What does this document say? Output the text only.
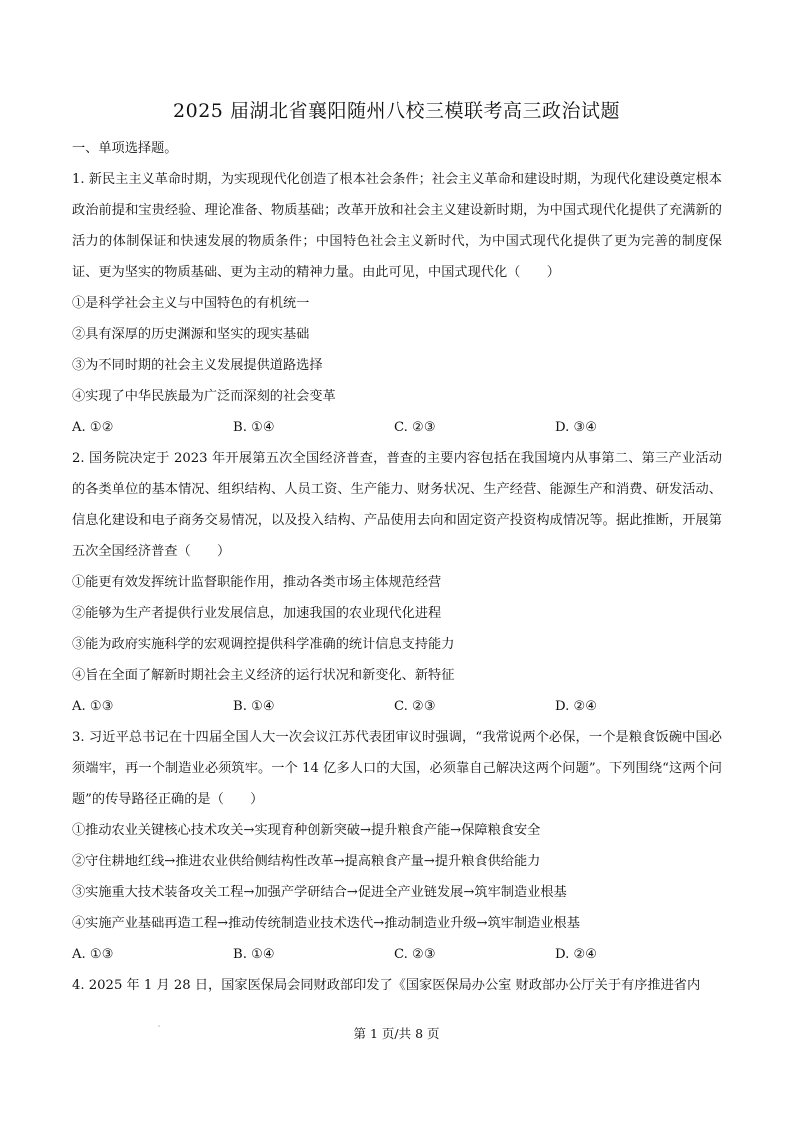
2025 届湖北省襄阳随州八校三模联考高三政治试题
一、单项选择题。
1. 新民主主义革命时期，为实现现代化创造了根本社会条件；社会主义革命和建设时期，为现代化建设奠定根本政治前提和宝贵经验、理论准备、物质基础；改革开放和社会主义建设新时期，为中国式现代化提供了充满新的活力的体制保证和快速发展的物质条件；中国特色社会主义新时代，为中国式现代化提供了更为完善的制度保证、更为坚实的物质基础、更为主动的精神力量。由此可见，中国式现代化（　　）
①是科学社会主义与中国特色的有机统一
②具有深厚的历史渊源和坚实的现实基础
③为不同时期的社会主义发展提供道路选择
④实现了中华民族最为广泛而深刻的社会变革
A. ①②	B. ①④	C. ②③	D. ③④
2. 国务院决定于 2023 年开展第五次全国经济普查，普查的主要内容包括在我国境内从事第二、第三产业活动的各类单位的基本情况、组织结构、人员工资、生产能力、财务状况、生产经营、能源生产和消费、研发活动、信息化建设和电子商务交易情况，以及投入结构、产品使用去向和固定资产投资构成情况等。据此推断，开展第五次全国经济普查（　　）
①能更有效发挥统计监督职能作用，推动各类市场主体规范经营
②能够为生产者提供行业发展信息，加速我国的农业现代化进程
③能为政府实施科学的宏观调控提供科学准确的统计信息支持能力
④旨在全面了解新时期社会主义经济的运行状况和新变化、新特征
A. ①③	B. ①④	C. ②③	D. ②④
3. 习近平总书记在十四届全国人大一次会议江苏代表团审议时强调，“我常说两个必保，一个是粮食饭碗中国必须端牢，再一个制造业必须筑牢。一个 14 亿多人口的大国，必须靠自己解决这两个问题”。下列围绕“这两个问题”的传导路径正确的是（　　）
①推动农业关键核心技术攻关→实现育种创新突破→提升粮食产能→保障粮食安全
②守住耕地红线→推进农业供给侧结构性改革→提高粮食产量→提升粮食供给能力
③实施重大技术装备攻关工程→加强产学研结合→促进全产业链发展→筑牢制造业根基
④实施产业基础再造工程→推动传统制造业技术迭代→推动制造业升级→筑牢制造业根基
A. ①③	B. ①④	C. ②③	D. ②④
4. 2025 年 1 月 28 日，国家医保局会同财政部印发了《国家医保局办公室 财政部办公厅关于有序推进省内
第 1 页/共 8 页
